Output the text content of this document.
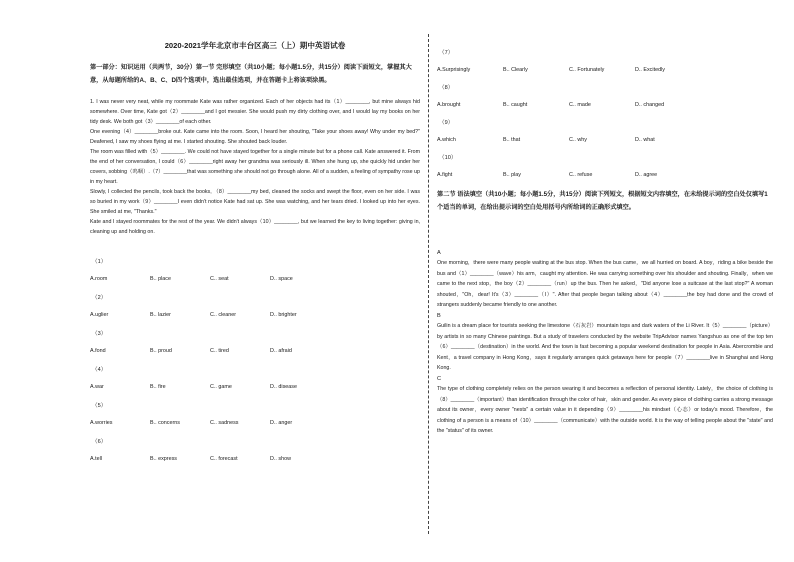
2020-2021学年北京市丰台区高三（上）期中英语试卷
第一部分：知识运用（共两节，30分）第一节 完形填空（共10小题；每小题1.5分，共15分）阅读下面短文，掌握其大意，从每题所给的A、B、C、D四个选项中，选出最佳选项，并在答题卡上将该项涂黑。

1. I was never very neat, while my roommate Kate was rather organized. Each of her objects had its（1）________, but mine always hid somewhere. Over time, Kate got（2）________and I got messier. She would push my dirty clothing over, and I would lay my books on her tidy desk. We both got（3）________of each other.

One evening（4）________broke out. Kate came into the room. Soon, I heard her shouting, "Take your shoes away! Why under my bed?" Deafened, I saw my shoes flying at me. I started shouting. She shouted back louder.

The room was filled with（5）________. We could not have stayed together for a single minute but for a phone call. Kate answered it. From the end of her conversation, I could（6）________right away her grandma was seriously ill. When she hung up, she quickly hid under her covers, sobbing（呜咽）.（7）________that was something she should not go through alone. All of a sudden, a feeling of sympathy rose up in my heart.

Slowly, I collected the pencils, took back the books, （8）________my bed, cleaned the socks and swept the floor, even on her side. I was so buried in my work（9）________I even didn't notice Kate had sat up. She was watching, and her tears dried. I looked up into her eyes. She smiled at me, "Thanks."

Kate and I stayed roommates for the rest of the year. We didn't always（10）________, but we learned the key to living together: giving in, cleaning up and holding on.

（1）
A.room	B.. place	C.. seat	D.. space
（2）
A.uglier	B.. lazier	C.. cleaner	D.. brighter
（3）
A.fond	B.. proud	C.. tired	D.. afraid
（4）
A.war	B.. fire	C.. game	D.. disease
（5）
A.worries	B.. concerns	C.. sadness	D.. anger
（6）
A.tell	B.. express	C.. forecast	D.. show
（7）
A.Surprisingly	B.. Clearly	C.. Fortunately	D.. Excitedly
（8）
A.brought	B.. caught	C.. made	D.. changed
（9）
A.which	B.. that	C.. why	D.. what
（10）
A.fight	B.. play	C.. refuse	D.. agree
第二节 语法填空（共10小题；每小题1.5分，共15分）阅读下列短文，根据短文内容填空，在未给提示词的空白处仅填写1个适当的单词，在给出提示词的空白处用括号内所给词的正确形式填空。

A

One morning，there were many people waiting at the bus stop. When the bus came，we all hurried on board. A boy，riding a bike beside the bus and（1）________（wave）his arm，caught my attention. He was carrying something over his shoulder and shouting. Finally，when we came to the next stop，the boy（2）________（run）up the bus. Then he asked，"Did anyone lose a suitcase at the last stop?" A woman shouted，"Oh，dear! It's（3）________（I）". After that people began talking about（4）________the boy had done and the crowd of strangers suddenly became friendly to one another.

B

Guilin is a dream place for tourists seeking the limestone（石灰岩）mountain tops and dark waters of the Li River. It（5）________（picture）by artists in so many Chinese paintings. But a study of travelers conducted by the website TripAdvisor names Yangshuo as one of the top ten（6）________（destination）in the world. And the town is fast becoming a popular weekend destination for people in Asia. Abercrombie and Kent，a travel company in Hong Kong，says it regularly arranges quick getaways here for people（7）________live in Shanghai and Hong Kong.

C

The type of clothing completely relies on the person wearing it and becomes a reflection of personal identity. Lately，the choice of clothing is（8）________（important）than identification through the color of hair，skin and gender. As every piece of clothing carries a strong message about its owner，every owner "nests" a certain value in it depending（9）________his mindset（心态）or today's mood. Therefore，the clothing of a person is a means of（10）________（communicate）with the outside world. It is the way of telling people about the "state" and the "status" of its owner.
